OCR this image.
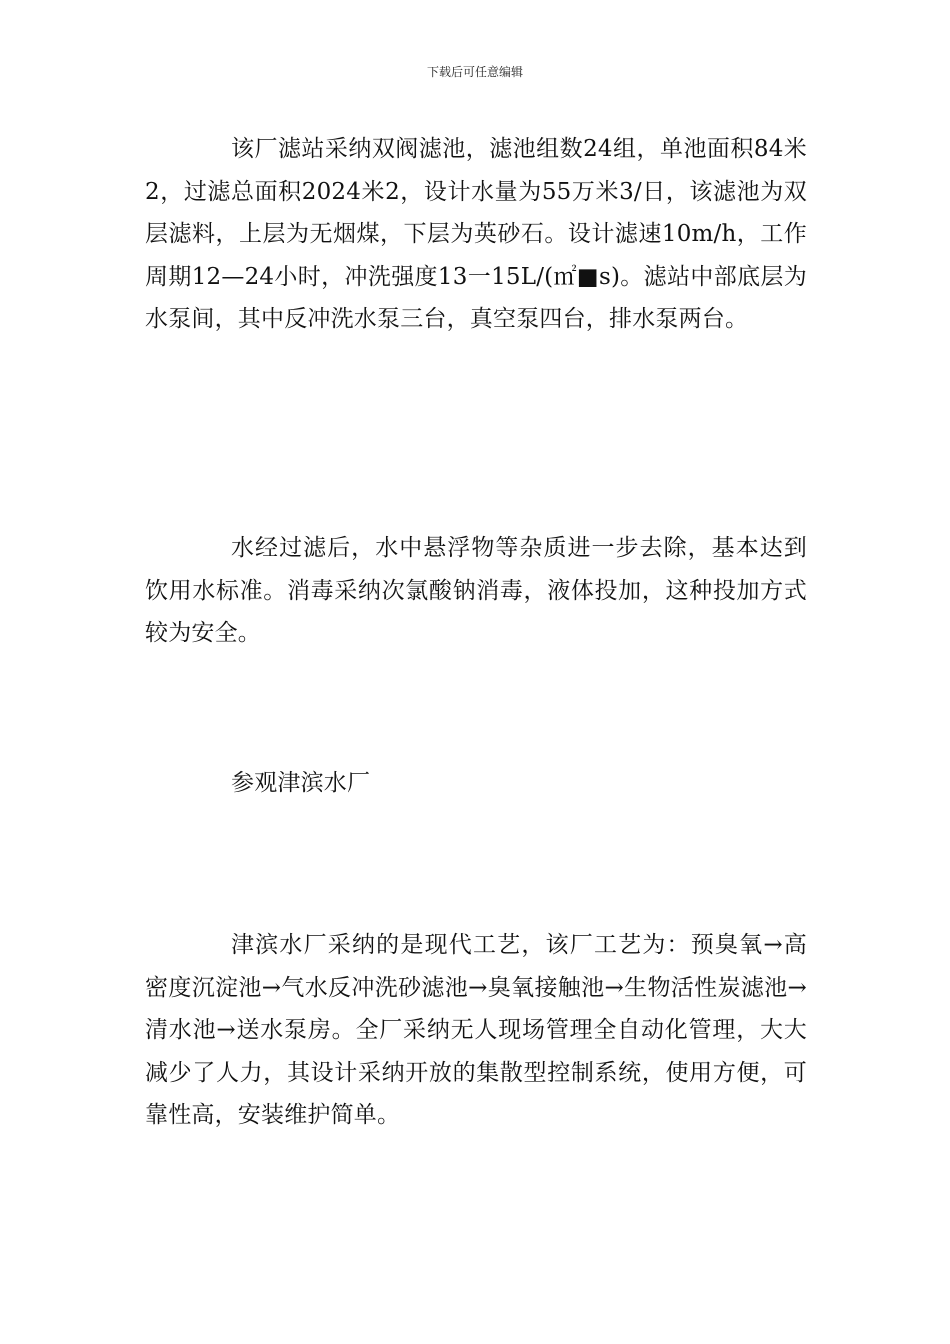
下载后可任意编辑

该厂滤站采纳双阀滤池，滤池组数24组，单池面积84米2，过滤总面积2024米2，设计水量为55万米3/日，该滤池为双层滤料，上层为无烟煤，下层为英砂石。设计滤速10m/h，工作周期12—24小时，冲洗强度13一15L/(㎡■s)。滤站中部底层为水泵间，其中反冲洗水泵三台，真空泵四台，排水泵两台。

水经过滤后，水中悬浮物等杂质进一步去除，基本达到饮用水标准。消毒采纳次氯酸钠消毒，液体投加，这种投加方式较为安全。

参观津滨水厂

津滨水厂采纳的是现代工艺，该厂工艺为：预臭氧→高密度沉淀池→气水反冲洗砂滤池→臭氧接触池→生物活性炭滤池→清水池→送水泵房。全厂采纳无人现场管理全自动化管理，大大减少了人力，其设计采纳开放的集散型控制系统，使用方便，可靠性高，安装维护简单。
